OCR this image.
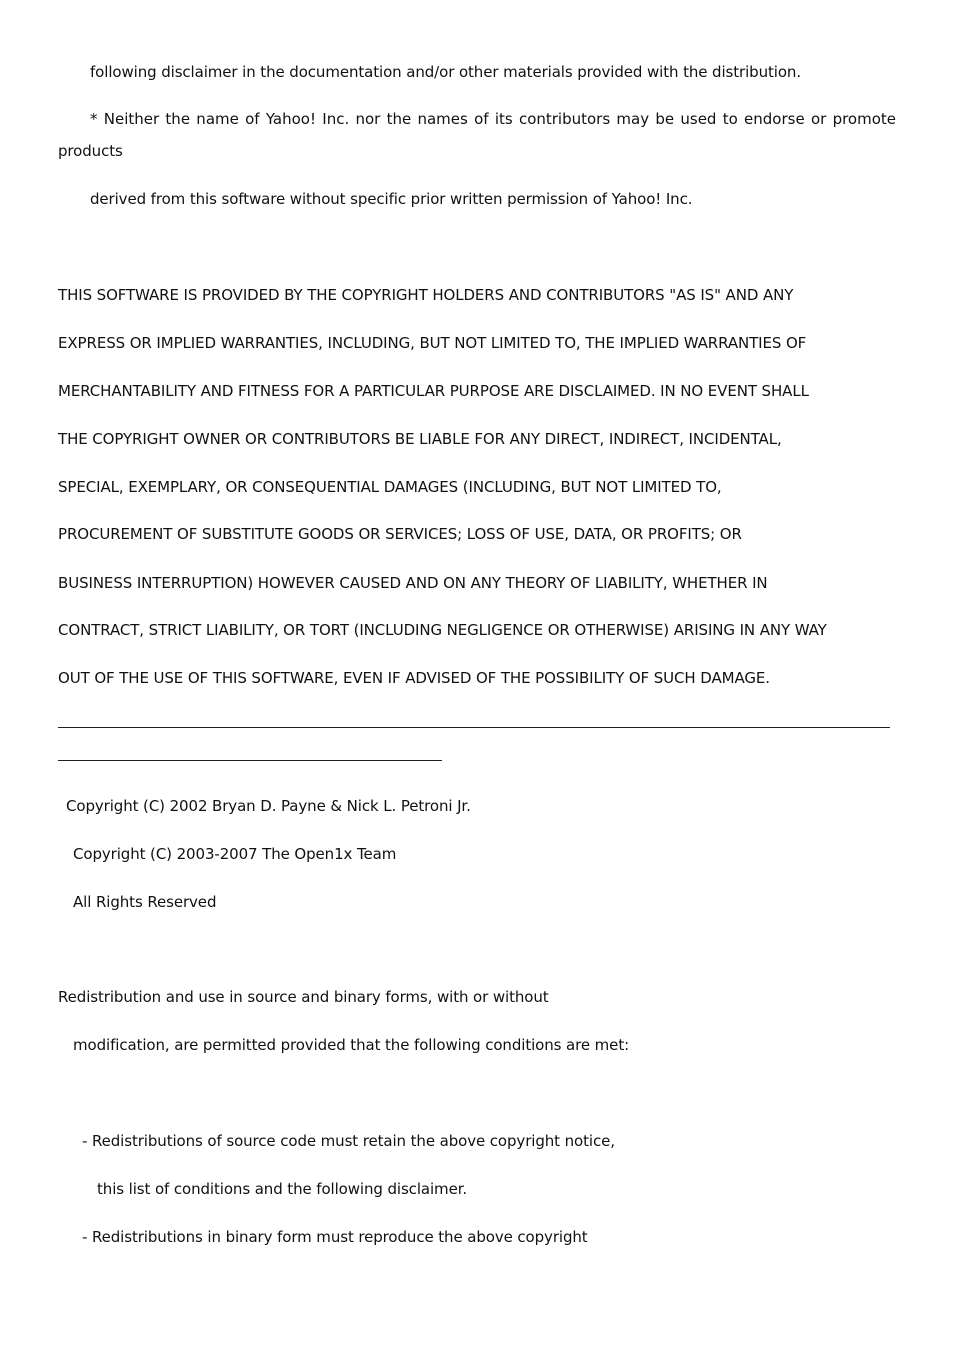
following disclaimer in the documentation and/or other materials provided with the distribution.
* Neither the name of Yahoo! Inc. nor the names of its contributors may be used to endorse or promote
products
derived from this software without specific prior written permission of Yahoo! Inc.
THIS SOFTWARE IS PROVIDED BY THE COPYRIGHT HOLDERS AND CONTRIBUTORS "AS IS" AND ANY
EXPRESS OR IMPLIED WARRANTIES, INCLUDING, BUT NOT LIMITED TO, THE IMPLIED WARRANTIES OF
MERCHANTABILITY AND FITNESS FOR A PARTICULAR PURPOSE ARE DISCLAIMED. IN NO EVENT SHALL
THE COPYRIGHT OWNER OR CONTRIBUTORS BE LIABLE FOR ANY DIRECT, INDIRECT, INCIDENTAL,
SPECIAL, EXEMPLARY, OR CONSEQUENTIAL DAMAGES (INCLUDING, BUT NOT LIMITED TO,
PROCUREMENT OF SUBSTITUTE GOODS OR SERVICES; LOSS OF USE, DATA, OR PROFITS; OR
BUSINESS INTERRUPTION) HOWEVER CAUSED AND ON ANY THEORY OF LIABILITY, WHETHER IN
CONTRACT, STRICT LIABILITY, OR TORT (INCLUDING NEGLIGENCE OR OTHERWISE) ARISING IN ANY WAY
OUT OF THE USE OF THIS SOFTWARE, EVEN IF ADVISED OF THE POSSIBILITY OF SUCH DAMAGE.
Copyright (C) 2002 Bryan D. Payne & Nick L. Petroni Jr.
Copyright (C) 2003-2007 The Open1x Team
All Rights Reserved
Redistribution and use in source and binary forms, with or without
modification, are permitted provided that the following conditions are met:
- Redistributions of source code must retain the above copyright notice,
this list of conditions and the following disclaimer.
- Redistributions in binary form must reproduce the above copyright
